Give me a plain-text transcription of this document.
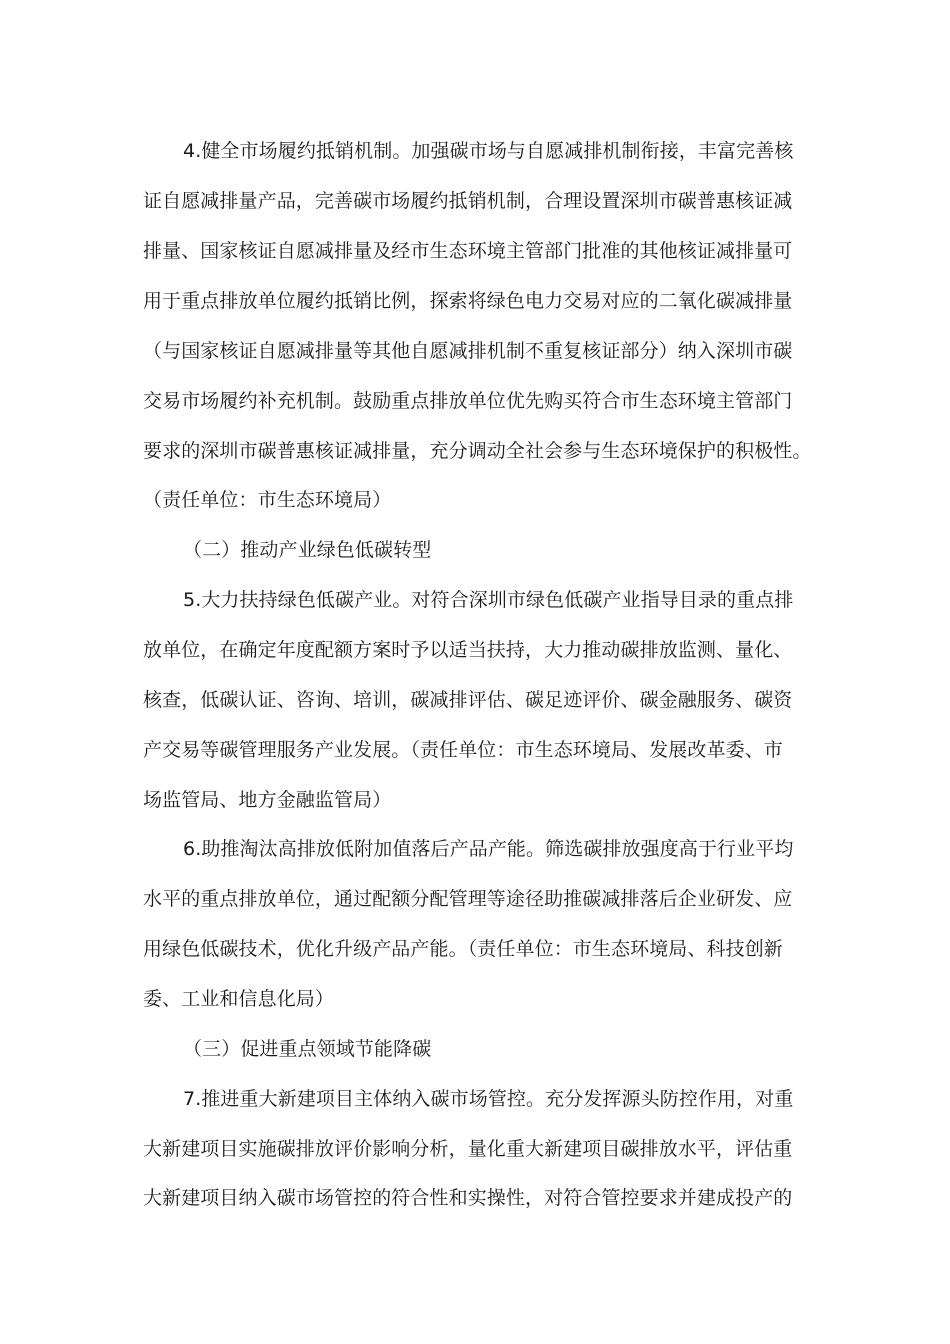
4.健全市场履约抵销机制。加强碳市场与自愿减排机制衔接，丰富完善核
证自愿减排量产品，完善碳市场履约抵销机制，合理设置深圳市碳普惠核证减
排量、国家核证自愿减排量及经市生态环境主管部门批准的其他核证减排量可
用于重点排放单位履约抵销比例，探索将绿色电力交易对应的二氧化碳减排量
（与国家核证自愿减排量等其他自愿减排机制不重复核证部分）纳入深圳市碳
交易市场履约补充机制。鼓励重点排放单位优先购买符合市生态环境主管部门
要求的深圳市碳普惠核证减排量，充分调动全社会参与生态环境保护的积极性。
（责任单位：市生态环境局）
（二）推动产业绿色低碳转型
5.大力扶持绿色低碳产业。对符合深圳市绿色低碳产业指导目录的重点排
放单位，在确定年度配额方案时予以适当扶持，大力推动碳排放监测、量化、
核查，低碳认证、咨询、培训，碳减排评估、碳足迹评价、碳金融服务、碳资
产交易等碳管理服务产业发展。（责任单位：市生态环境局、发展改革委、市
场监管局、地方金融监管局）
6.助推淘汰高排放低附加值落后产品产能。筛选碳排放强度高于行业平均
水平的重点排放单位，通过配额分配管理等途径助推碳减排落后企业研发、应
用绿色低碳技术，优化升级产品产能。（责任单位：市生态环境局、科技创新
委、工业和信息化局）
（三）促进重点领域节能降碳
7.推进重大新建项目主体纳入碳市场管控。充分发挥源头防控作用，对重
大新建项目实施碳排放评价影响分析，量化重大新建项目碳排放水平，评估重
大新建项目纳入碳市场管控的符合性和实操性，对符合管控要求并建成投产的
